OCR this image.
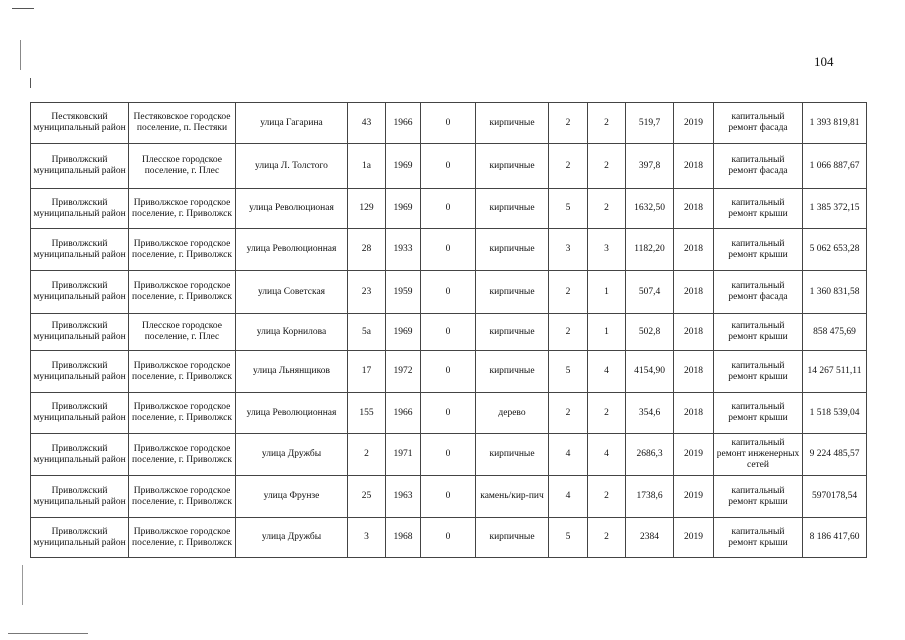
104
Пестяковский муниципальный район	Пестяковское городское поселение, п. Пестяки	улица Гагарина	43	1966	0	кирпичные	2	2	519,7	2019	капитальный ремонт фасада	1 393 819,81
Приволжский муниципальный район	Плесское городское поселение, г. Плес	улица Л. Толстого	1а	1969	0	кирпичные	2	2	397,8	2018	капитальный ремонт фасада	1 066 887,67
Приволжский муниципальный район	Приволжское городское поселение, г. Приволжск	улица Революционая	129	1969	0	кирпичные	5	2	1632,50	2018	капитальный ремонт крыши	1 385 372,15
Приволжский муниципальный район	Приволжское городское поселение, г. Приволжск	улица Революционная	28	1933	0	кирпичные	3	3	1182,20	2018	капитальный ремонт крыши	5 062 653,28
Приволжский муниципальный район	Приволжское городское поселение, г. Приволжск	улица Советская	23	1959	0	кирпичные	2	1	507,4	2018	капитальный ремонт фасада	1 360 831,58
Приволжский муниципальный район	Плесское городское поселение, г. Плес	улица Корнилова	5а	1969	0	кирпичные	2	1	502,8	2018	капитальный ремонт крыши	858 475,69
Приволжский муниципальный район	Приволжское городское поселение, г. Приволжск	улица Льнянщиков	17	1972	0	кирпичные	5	4	4154,90	2018	капитальный ремонт крыши	14 267 511,11
Приволжский муниципальный район	Приволжское городское поселение, г. Приволжск	улица Революционная	155	1966	0	дерево	2	2	354,6	2018	капитальный ремонт крыши	1 518 539,04
Приволжский муниципальный район	Приволжское городское поселение, г. Приволжск	улица Дружбы	2	1971	0	кирпичные	4	4	2686,3	2019	капитальный ремонт инженерных сетей	9 224 485,57
Приволжский муниципальный район	Приволжское городское поселение, г. Приволжск	улица Фрунзе	25	1963	0	камень/кир-пич	4	2	1738,6	2019	капитальный ремонт крыши	5970178,54
Приволжский муниципальный район	Приволжское городское поселение, г. Приволжск	улица Дружбы	3	1968	0	кирпичные	5	2	2384	2019	капитальный ремонт крыши	8 186 417,60
